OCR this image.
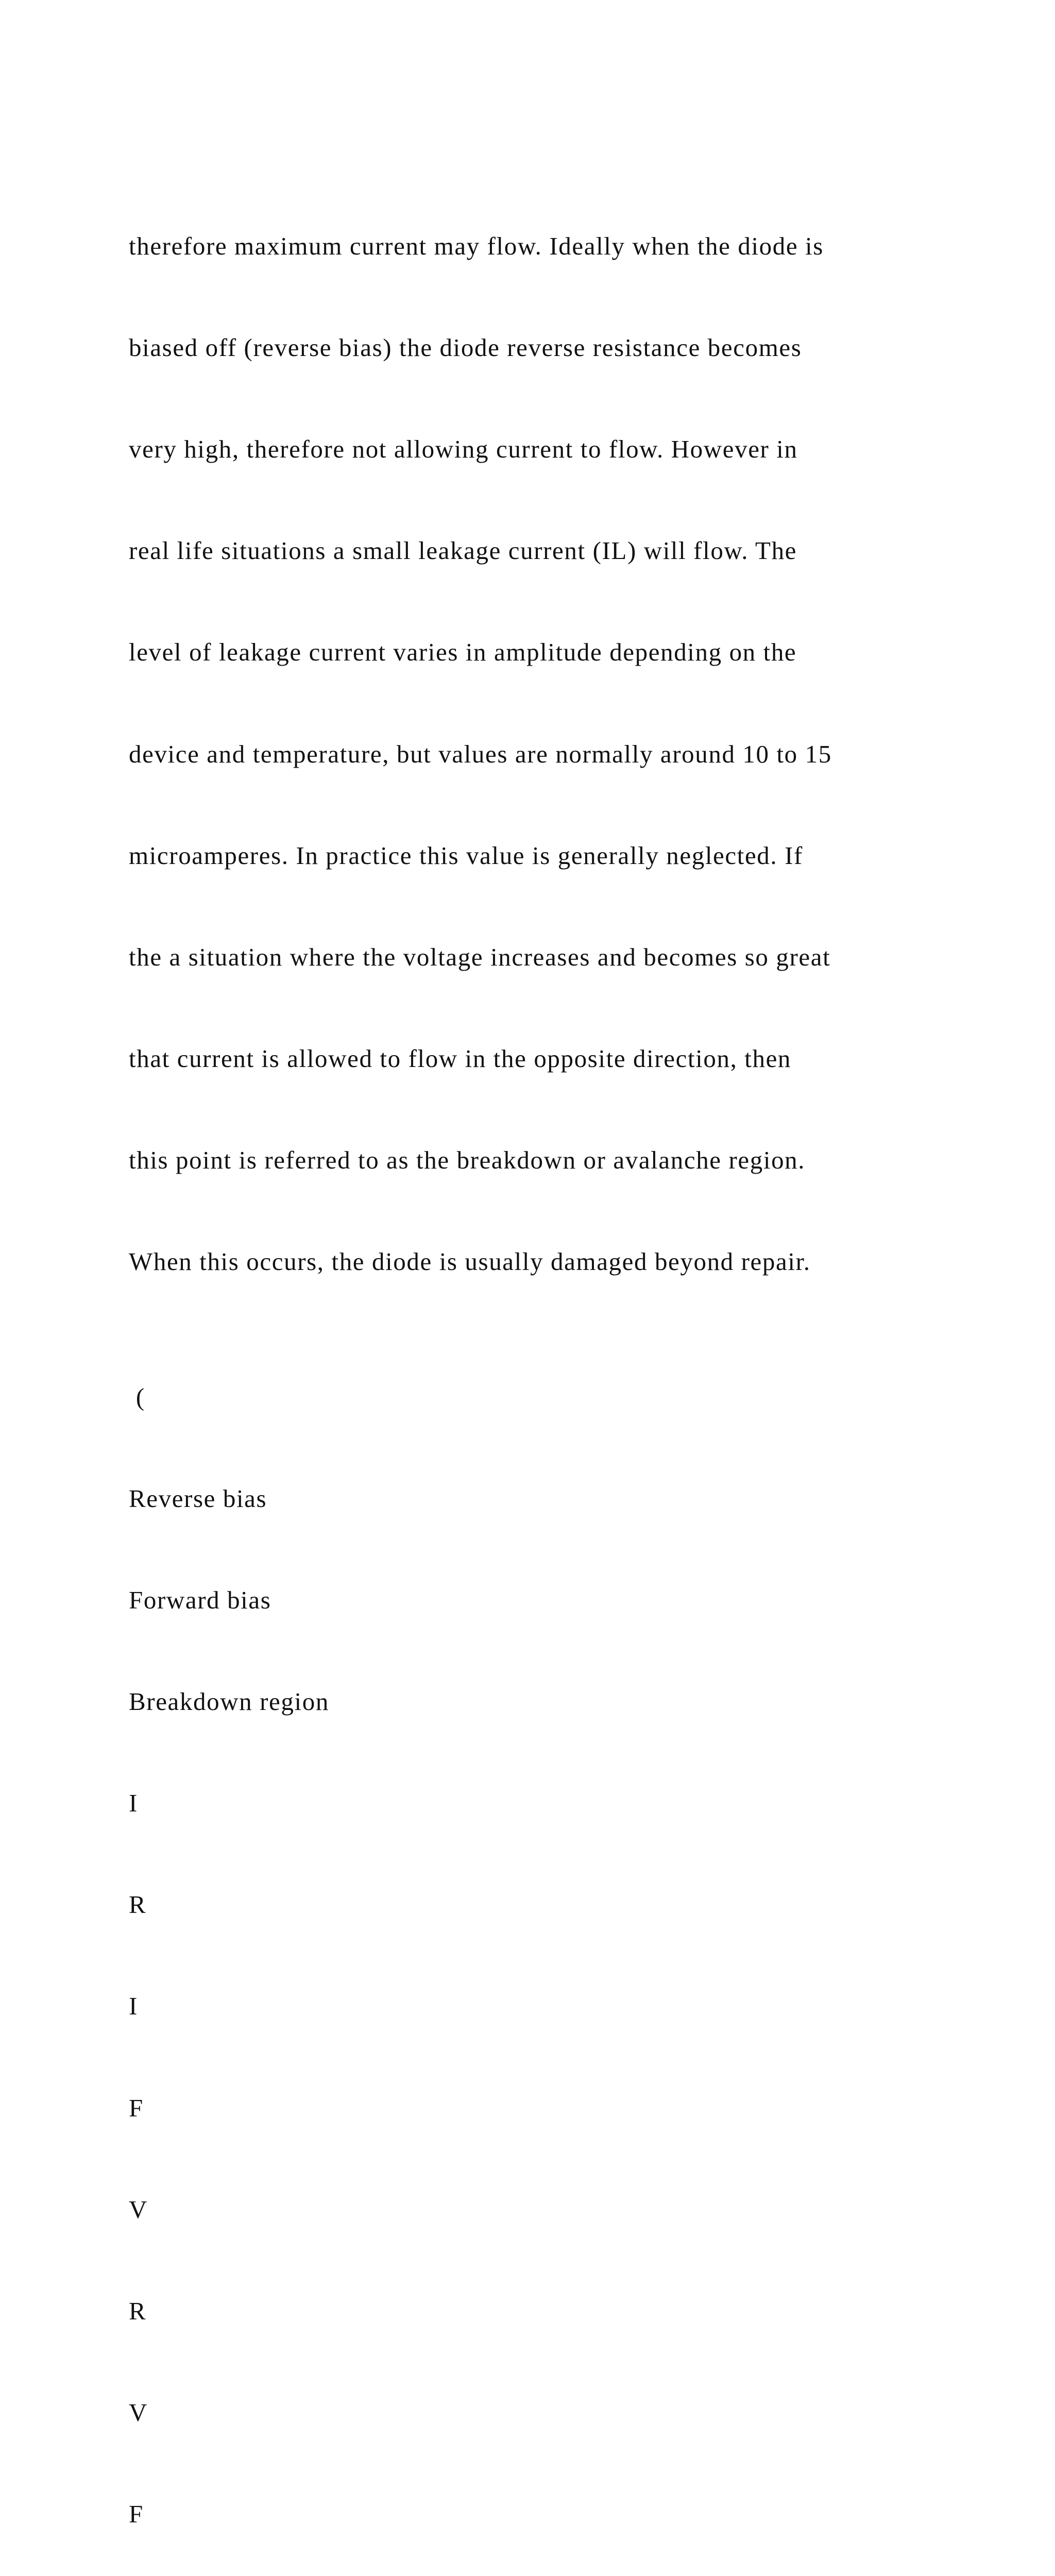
therefore maximum current may flow. Ideally when the diode is

biased off (reverse bias) the diode reverse resistance becomes

very high, therefore not allowing current to flow. However in

real life situations a small leakage current (IL) will flow. The

level of leakage current varies in amplitude depending on the

device and temperature, but values are normally around 10 to 15

microamperes. In practice this value is generally neglected. If

the a situation where the voltage increases and becomes so great

that current is allowed to flow in the opposite direction, then

this point is referred to as the breakdown or avalanche region.

When this occurs, the diode is usually damaged beyond repair.

(

Reverse bias

Forward bias

Breakdown region

I

R

I

F

V

R

V

F
